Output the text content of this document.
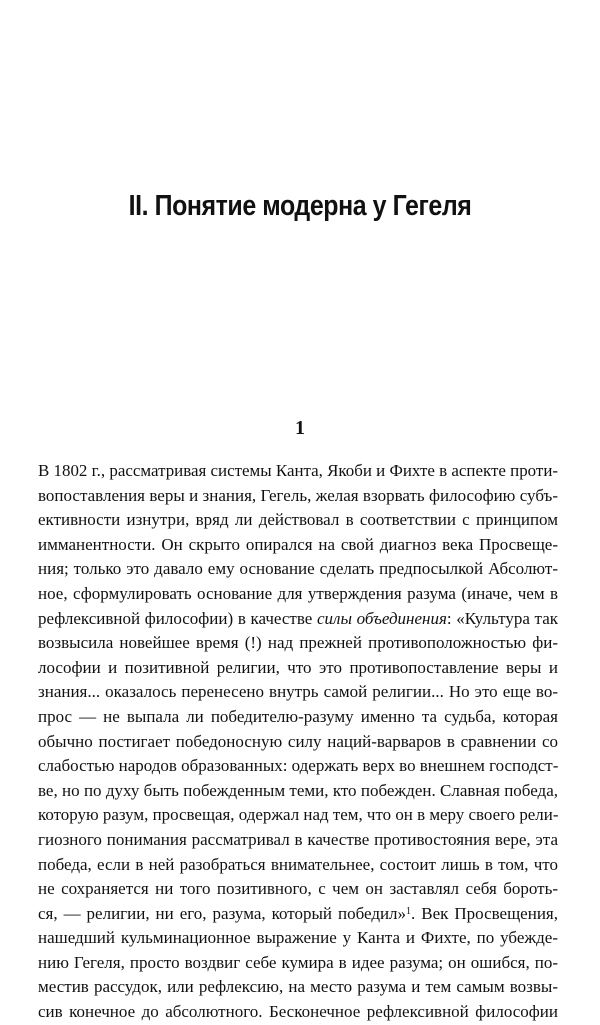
II. Понятие модерна у Гегеля
1
В 1802 г., рассматривая системы Канта, Якоби и Фихте в аспекте проти-
вопоставления веры и знания, Гегель, желая взорвать философию субъ-
ективности изнутри, вряд ли действовал в соответствии с принципом
имманентности. Он скрыто опирался на свой диагноз века Просвеще-
ния; только это давало ему основание сделать предпосылкой Абсолют-
ное, сформулировать основание для утверждения разума (иначе, чем в
рефлексивной философии) в качестве силы объединения: «Культура так
возвысила новейшее время (!) над прежней противоположностью фи-
лософии и позитивной религии, что это противопоставление веры и
знания... оказалось перенесено внутрь самой религии... Но это еще во-
прос — не выпала ли победителю-разуму именно та судьба, которая
обычно постигает победоносную силу наций-варваров в сравнении со
слабостью народов образованных: одержать верх во внешнем господст-
ве, но по духу быть побежденным теми, кто побежден. Славная победа,
которую разум, просвещая, одержал над тем, что он в меру своего рели-
гиозного понимания рассматривал в качестве противостояния вере, эта
победа, если в ней разобраться внимательнее, состоит лишь в том, что
не сохраняется ни того позитивного, с чем он заставлял себя бороть-
ся, — религии, ни его, разума, который победил»$^1$. Век Просвещения,
нашедший кульминационное выражение у Канта и Фихте, по убежде-
нию Гегеля, просто воздвиг себе кумира в идее разума; он ошибся, по-
местив рассудок, или рефлексию, на место разума и тем самым возвы-
сив конечное до абсолютного. Бесконечное рефлексивной философии
